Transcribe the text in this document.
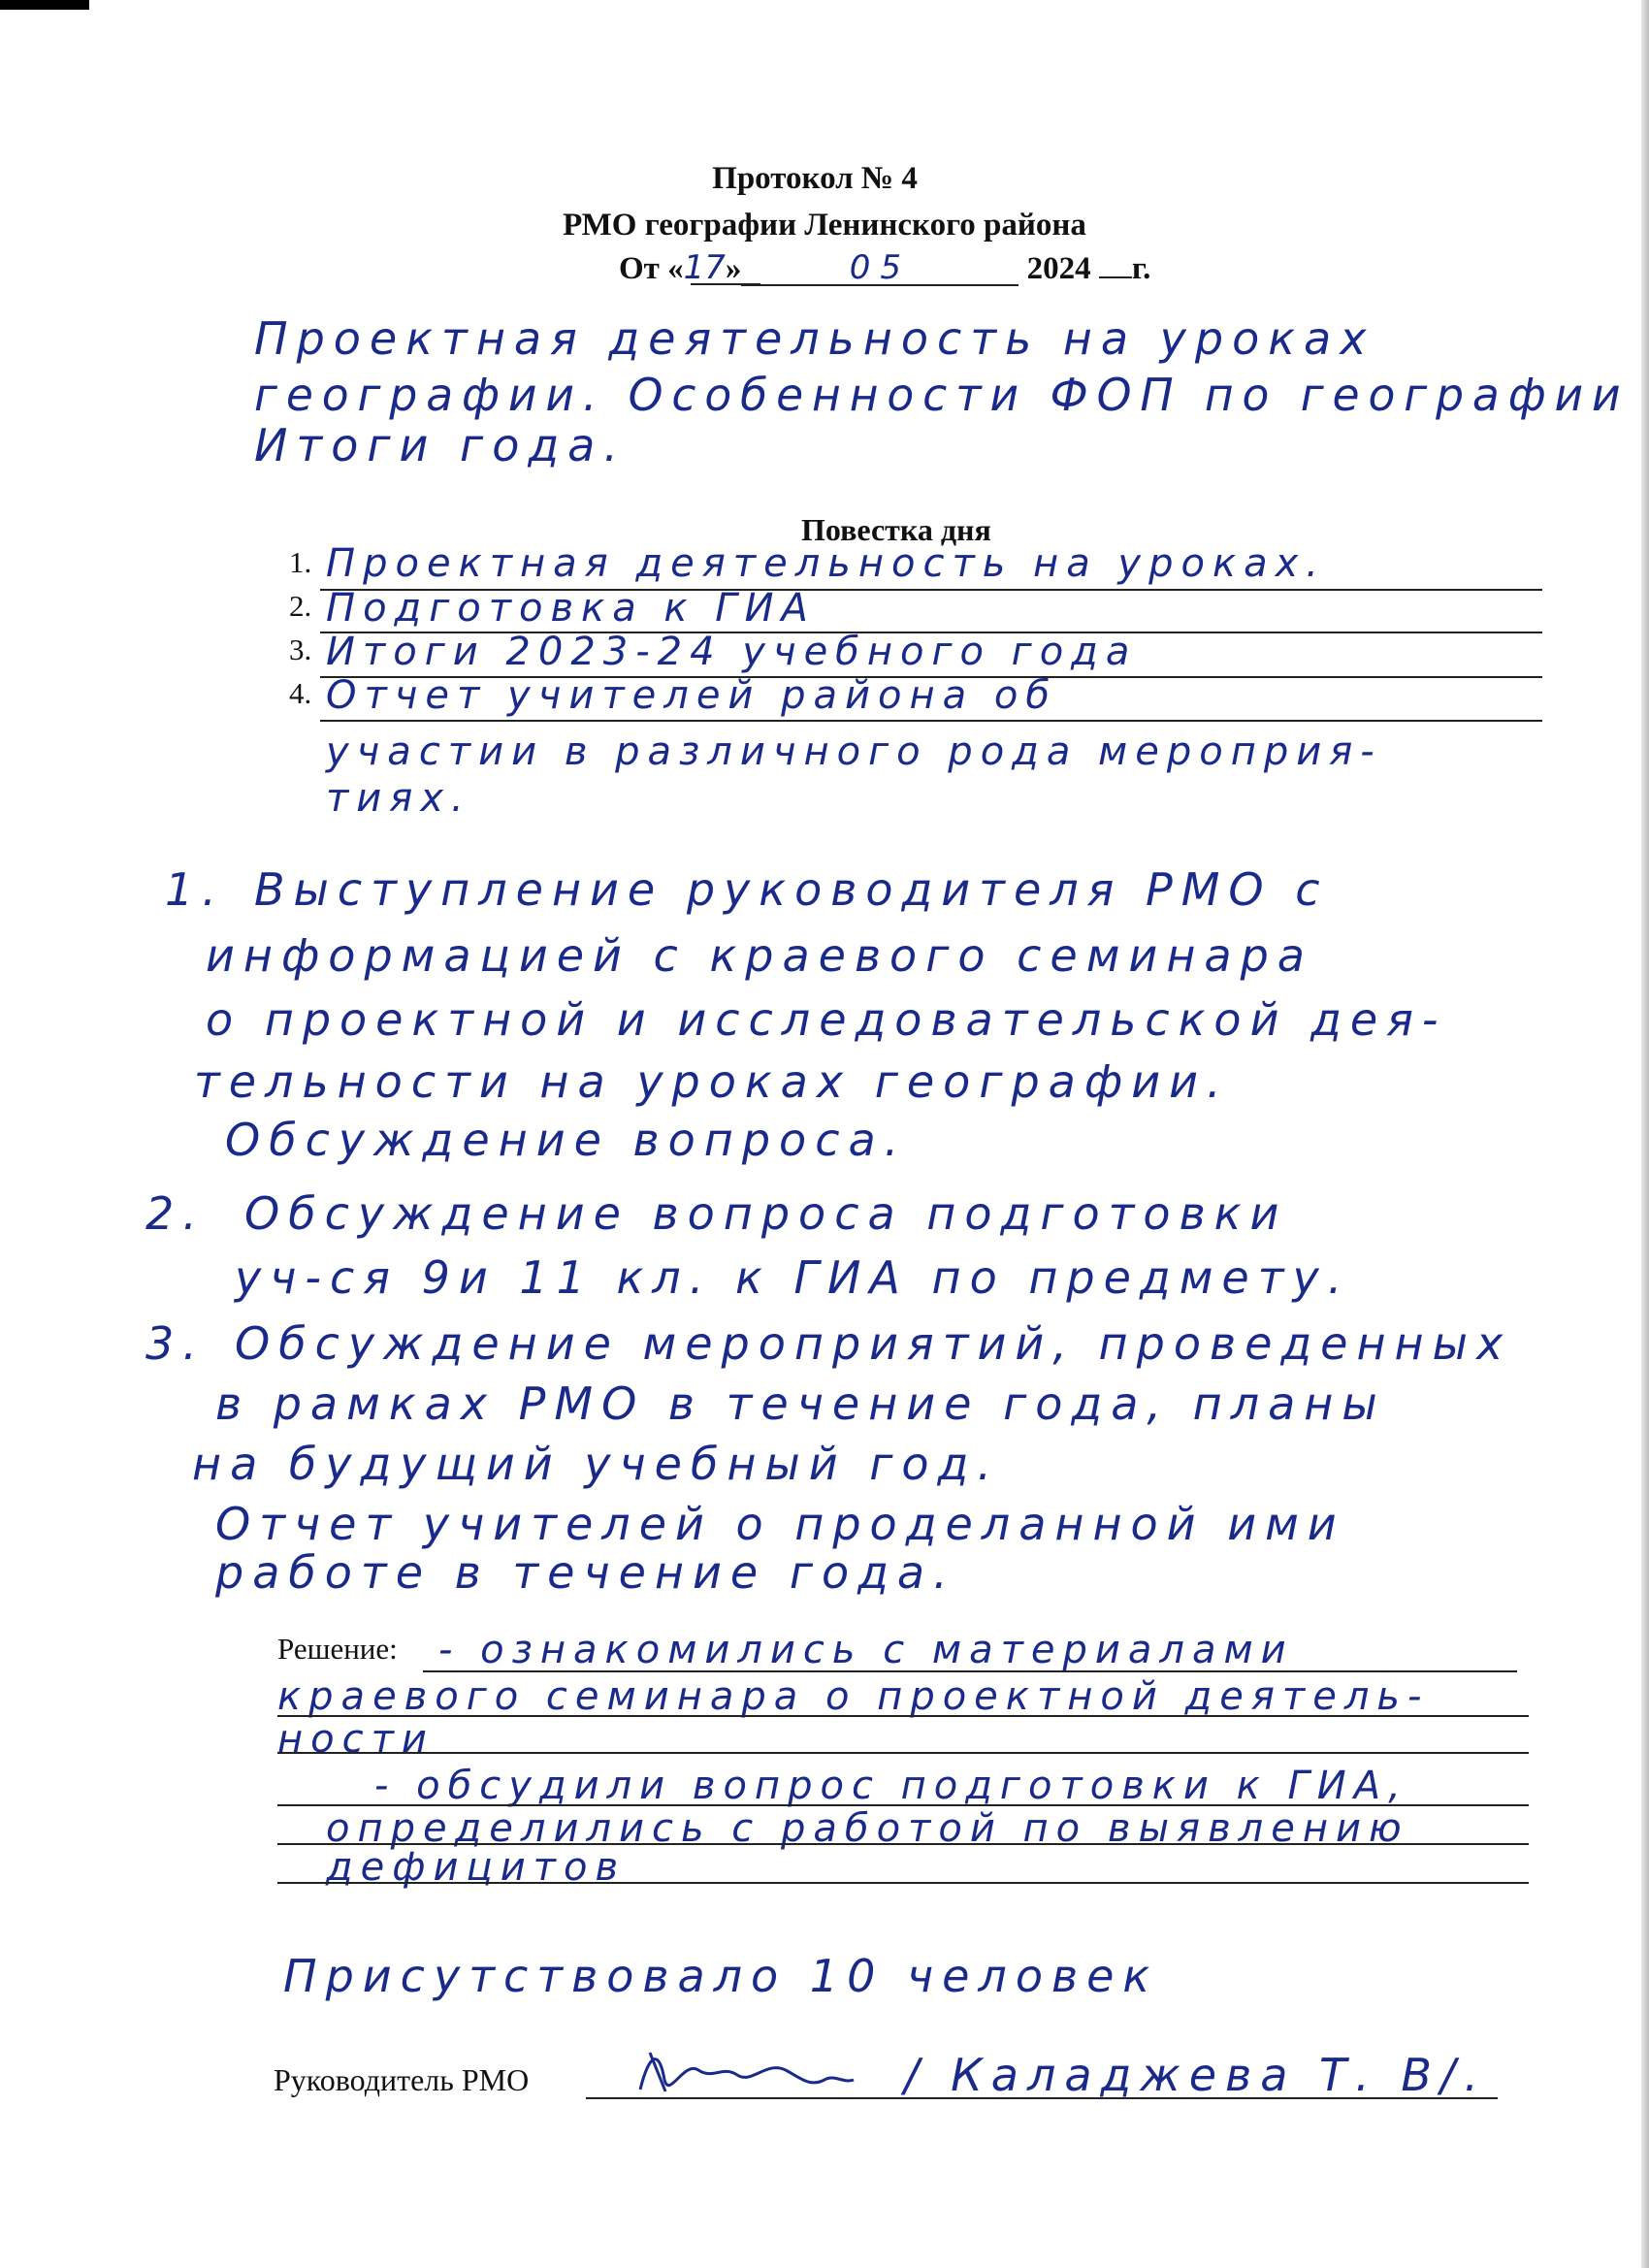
Протокол № 4
РМО географии Ленинского района
От «17»	05	2024 г.
Проектная деятельность на уроках
географии. Особенности ФОП по географии
Итоги года.
Повестка дня
1. Проектная деятельность на уроках.
2. Подготовка к ГИА
3. Итоги 2023-24 учебного года
4. Отчет учителей района об
участии в различного рода мероприя-
тиях.
1. Выступление руководителя РМО с
информацией с краевого семинара
о проектной и исследовательской дея-
тельности на уроках географии.
Обсуждение вопроса.
2. Обсуждение вопроса подготовки
уч-ся 9и 11 кл. к ГИА по предмету.
3. Обсуждение мероприятий, проведенных
в рамках РМО в течение года, планы
на будущий учебный год.
Отчет учителей о проделанной ими
работе в течение года.
Решение: - ознакомились с материалами
краевого семинара о проектной деятель-
ности
- обсудили вопрос подготовки к ГИА,
определились с работой по выявлению
дефицитов
Присутствовало 10 человек
Руководитель РМО	/ Каладжева Т. В/.
